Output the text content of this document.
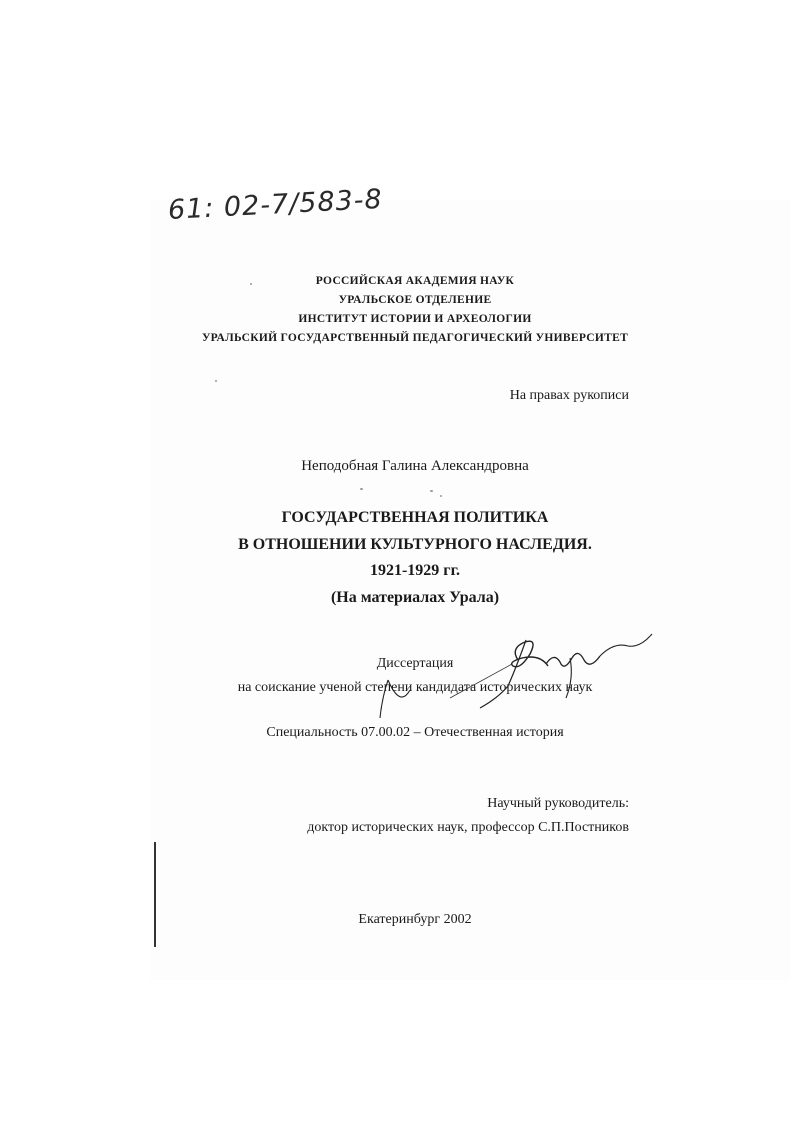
61: 02-7/583-8
РОССИЙСКАЯ АКАДЕМИЯ НАУК
УРАЛЬСКОЕ ОТДЕЛЕНИЕ
ИНСТИТУТ ИСТОРИИ И АРХЕОЛОГИИ
УРАЛЬСКИЙ ГОСУДАРСТВЕННЫЙ ПЕДАГОГИЧЕСКИЙ УНИВЕРСИТЕТ
На правах рукописи
Неподобная Галина Александровна
ГОСУДАРСТВЕННАЯ ПОЛИТИКА
В ОТНОШЕНИИ КУЛЬТУРНОГО НАСЛЕДИЯ.
1921-1929 гг.
(На материалах Урала)
Диссертация
на соискание ученой степени кандидата исторических наук
Специальность 07.00.02 – Отечественная история
Научный руководитель:
доктор исторических наук, профессор С.П.Постников
Екатеринбург 2002
